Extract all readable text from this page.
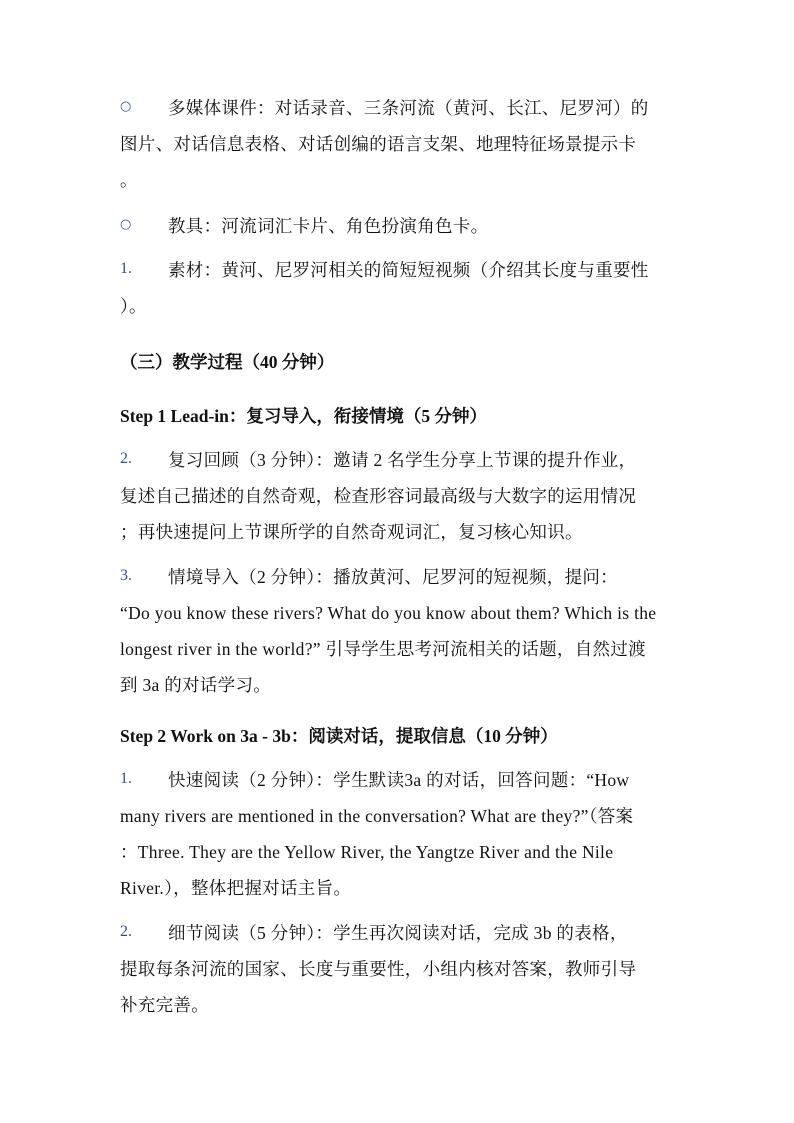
○	多媒体课件：对话录音、三条河流（黄河、长江、尼罗河）的
图片、对话信息表格、对话创编的语言支架、地理特征场景提示卡
。
○	教具：河流词汇卡片、角色扮演角色卡。
1.	素材：黄河、尼罗河相关的简短短视频（介绍其长度与重要性
）。
（三）教学过程（40 分钟）
Step 1 Lead-in：复习导入，衔接情境（5 分钟）
2.	复习回顾（3 分钟）：邀请 2 名学生分享上节课的提升作业，
复述自己描述的自然奇观，检查形容词最高级与大数字的运用情况
；再快速提问上节课所学的自然奇观词汇，复习核心知识。
3.	情境导入（2 分钟）：播放黄河、尼罗河的短视频，提问：
“Do you know these rivers? What do you know about them? Which is the
longest river in the world?” 引导学生思考河流相关的话题，自然过渡
到 3a 的对话学习。
Step 2 Work on 3a - 3b：阅读对话，提取信息（10 分钟）
1.	快速阅读（2 分钟）：学生默读3a 的对话，回答问题：“How
many rivers are mentioned in the conversation? What are they?”（答案
：Three. They are the Yellow River, the Yangtze River and the Nile
River.），整体把握对话主旨。
2.	细节阅读（5 分钟）：学生再次阅读对话，完成 3b 的表格，
提取每条河流的国家、长度与重要性，小组内核对答案，教师引导
补充完善。
